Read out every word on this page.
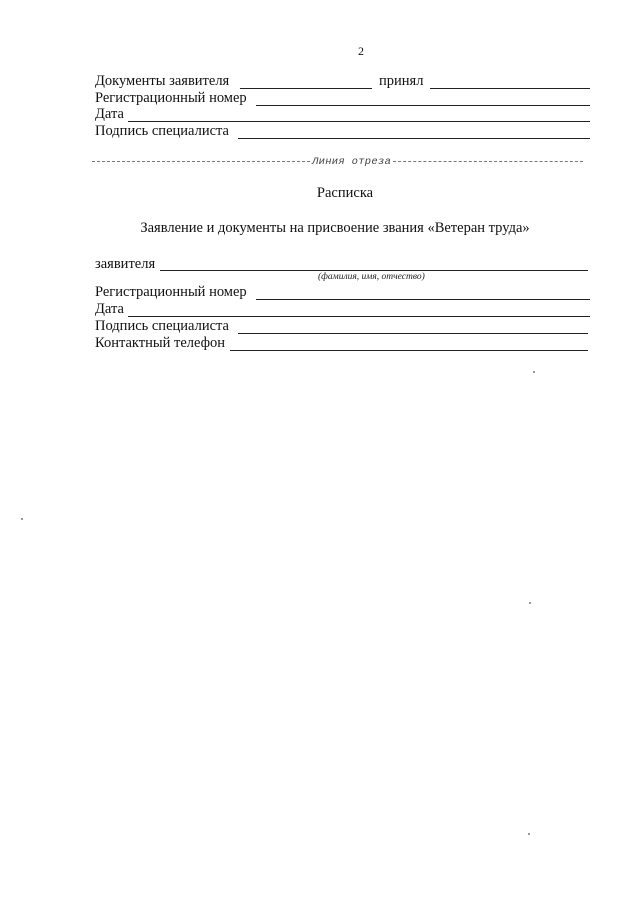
2
Документы заявителя	принял
Регистрационный номер
Дата
Подпись специалиста
Линия отреза
Расписка
Заявление и документы на присвоение звания «Ветеран труда»
заявителя
(фамилия, имя, отчество)
Регистрационный номер
Дата
Подпись специалиста
Контактный телефон
